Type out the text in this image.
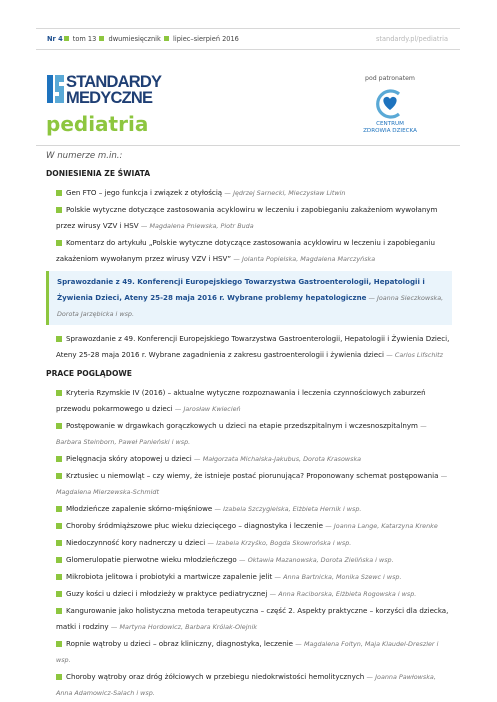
Nr 4 tom 13 dwumiesięcznik lipiec–sierpień 2016	standardy.pl/pediatria
STANDARDY
MEDYCZNE
pediatria
pod patronatem
CENTRUM
ZDROWIA DZIECKA
W numerze m.in.:
DONIESIENIA ZE ŚWIATA
Gen FTO – jego funkcja i związek z otyłością — Jędrzej Sarnecki, Mieczysław Litwin
Polskie wytyczne dotyczące zastosowania acyklowiru w leczeniu i zapobieganiu zakażeniom wywołanym przez wirusy VZV i HSV — Magdalena Pniewska, Piotr Buda
Komentarz do artykułu „Polskie wytyczne dotyczące zastosowania acyklowiru w leczeniu i zapobieganiu zakażeniom wywołanym przez wirusy VZV i HSV” — Jolanta Popielska, Magdalena Marczyńska
Sprawozdanie z 49. Konferencji Europejskiego Towarzystwa Gastroenterologii, Hepatologii i Żywienia Dzieci, Ateny 25-28 maja 2016 r. Wybrane problemy hepatologiczne — Joanna Sieczkowska, Dorota Jarzębicka i wsp.
Sprawozdanie z 49. Konferencji Europejskiego Towarzystwa Gastroenterologii, Hepatologii i Żywienia Dzieci, Ateny 25-28 maja 2016 r. Wybrane zagadnienia z zakresu gastroenterologii i żywienia dzieci — Carlos Lifschitz
PRACE POGLĄDOWE
Kryteria Rzymskie IV (2016) – aktualne wytyczne rozpoznawania i leczenia czynnościowych zaburzeń przewodu pokarmowego u dzieci — Jarosław Kwiecień
Postępowanie w drgawkach gorączkowych u dzieci na etapie przedszpitalnym i wczesnoszpitalnym — Barbara Steinborn, Paweł Panieński i wsp.
Pielęgnacja skóry atopowej u dzieci — Małgorzata Michalska-Jakubus, Dorota Krasowska
Krztusiec u niemowląt – czy wiemy, że istnieje postać piorunująca? Proponowany schemat postępowania — Magdalena Mierzewska-Schmidt
Młodzieńcze zapalenie skórno-mięśniowe — Izabela Szczygielska, Elżbieta Hernik i wsp.
Choroby śródmiąższowe płuc wieku dziecięcego – diagnostyka i leczenie — Joanna Lange, Katarzyna Krenke
Niedoczynność kory nadnerczy u dzieci — Izabela Krzyśko, Bogda Skowrońska i wsp.
Glomerulopatie pierwotne wieku młodzieńczego — Oktawia Mazanowska, Dorota Zielińska i wsp.
Mikrobiota jelitowa i probiotyki a martwicze zapalenie jelit — Anna Bartnicka, Monika Szewc i wsp.
Guzy kości u dzieci i młodzieży w praktyce pediatrycznej — Anna Raciborska, Elżbieta Rogowska i wsp.
Kangurowanie jako holistyczna metoda terapeutyczna – część 2. Aspekty praktyczne – korzyści dla dziecka, matki i rodziny — Martyna Hordowicz, Barbara Królak-Olejnik
Ropnie wątroby u dzieci – obraz kliniczny, diagnostyka, leczenie — Magdalena Foltyn, Maja Klaudel-Dreszler i wsp.
Choroby wątroby oraz dróg żółciowych w przebiegu niedokrwistości hemolitycznych — Joanna Pawłowska, Anna Adamowicz-Salach i wsp.
